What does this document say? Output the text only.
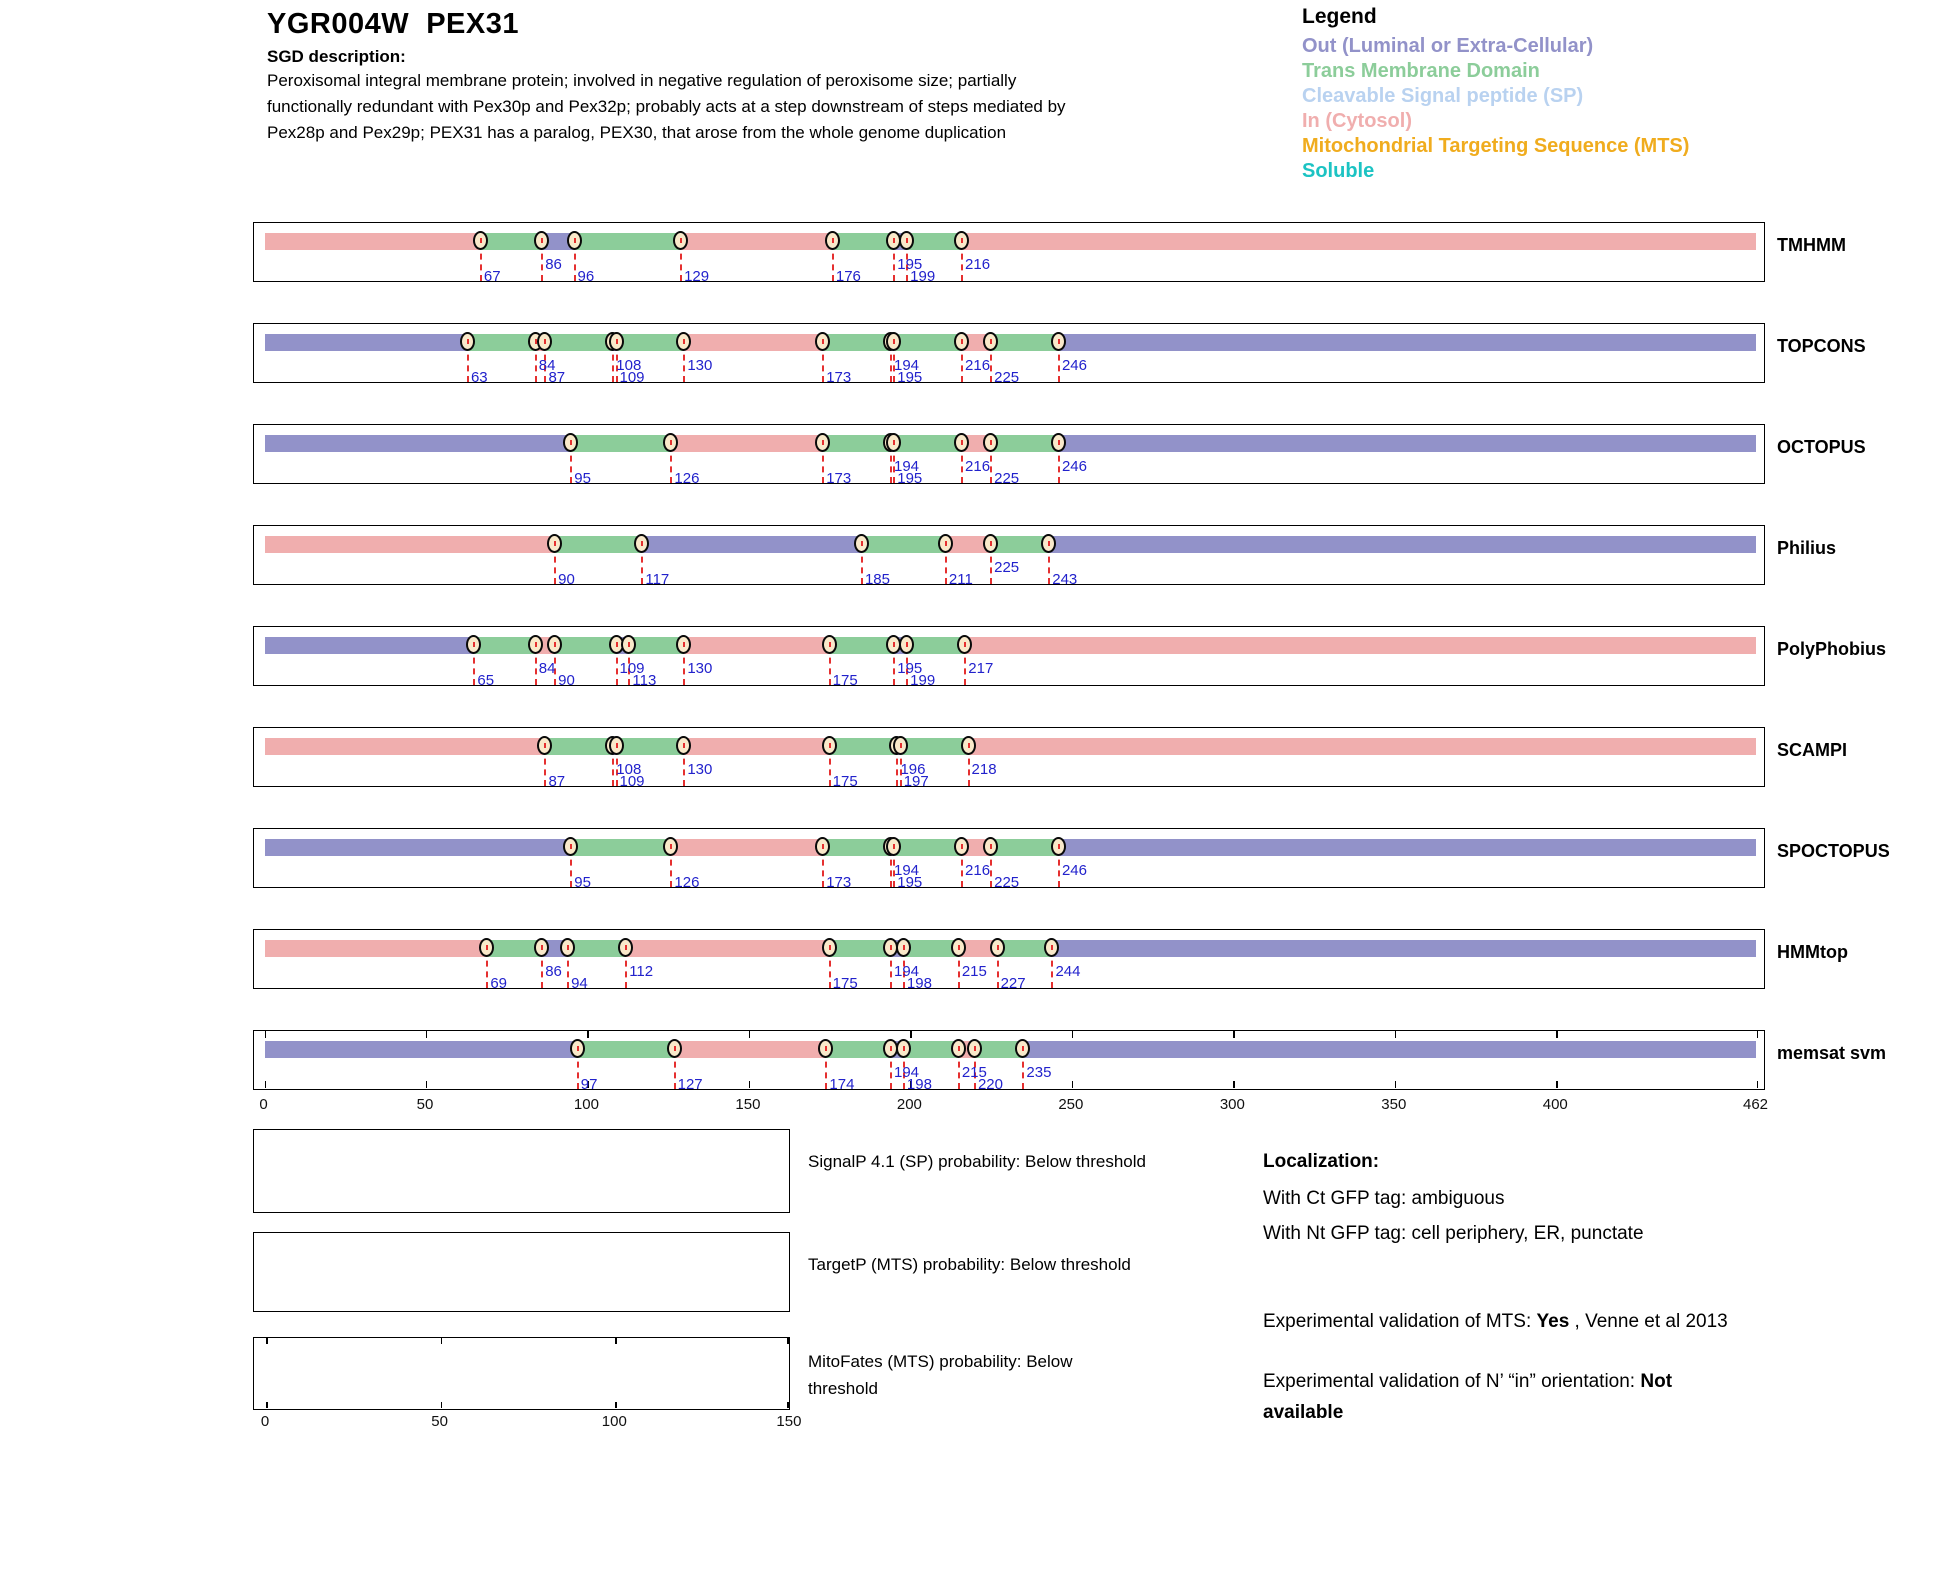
YGR004W  PEX31
SGD description:
Peroxisomal integral membrane protein; involved in negative regulation of peroxisome size; partially
functionally redundant with Pex30p and Pex32p; probably acts at a step downstream of steps mediated by
Pex28p and Pex29p; PEX31 has a paralog, PEX30, that arose from the whole genome duplication
Legend
Out (Luminal or Extra-Cellular)
Trans Membrane Domain
Cleavable Signal peptide (SP)
In (Cytosol)
Mitochondrial Targeting Sequence (MTS)
Soluble
67
86
96	129	176
195
199
216
TMHMM
63
84
87
108
109
130
173
194
195
216
225
246
TOPCONS
95	126	173
194
195
216
225
246
OCTOPUS
90	117	185	211
225
243
Philius
65
84
90
109
113
130
175
195
199
217
PolyPhobius
87
108
109
130
175
196
197
218
SCAMPI
95	126	173
194
195
216
225
246
SPOCTOPUS
69
86
94
112
175
194
198
215
227
244
HMMtop
97	127	174
194
198
215
220
235
memsat svm
0	50	100	150	200	250	300	350	400	462
SignalP 4.1 (SP) probability: Below threshold
TargetP (MTS) probability: Below threshold
MitoFates (MTS) probability: Below
threshold
0	50	100	150
Localization:
With Ct GFP tag: ambiguous
With Nt GFP tag: cell periphery, ER, punctate
Experimental validation of MTS: Yes , Venne et al 2013
Experimental validation of N’ “in” orientation: Not available
